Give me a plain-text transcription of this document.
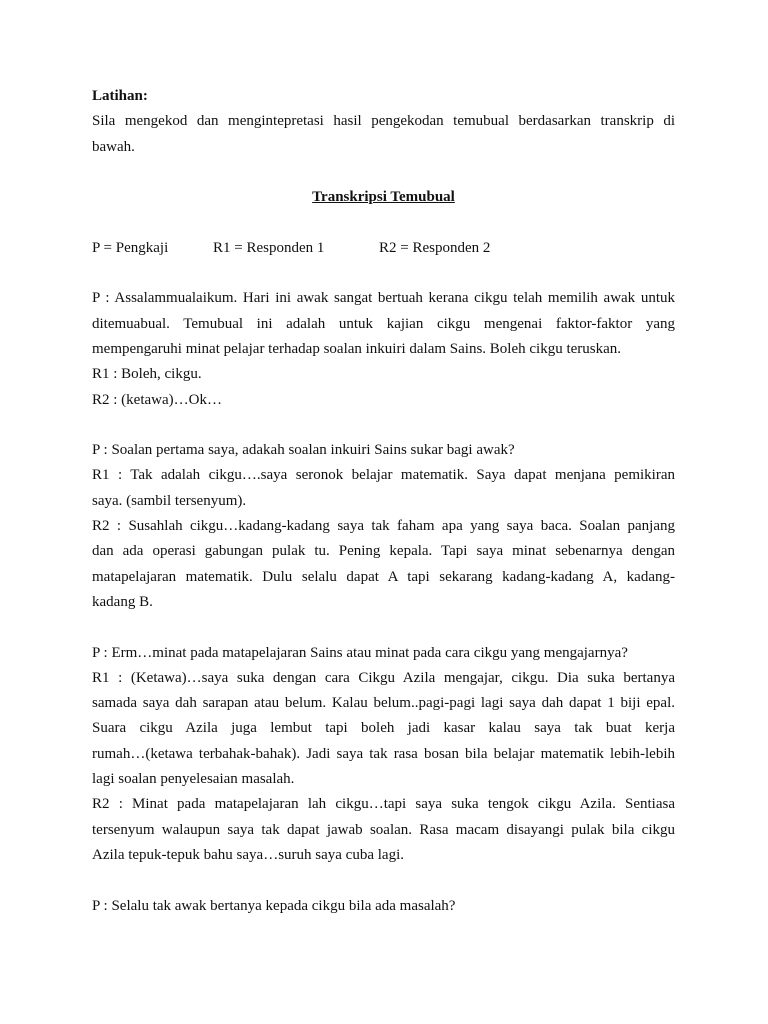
Latihan:
Sila mengekod dan mengintepretasi hasil pengekodan temubual berdasarkan transkrip di
bawah.
Transkripsi Temubual
P = Pengkaji	R1 = Responden 1	R2 = Responden 2
P : Assalammualaikum. Hari ini awak sangat bertuah kerana cikgu telah memilih awak untuk
ditemuabual. Temubual ini adalah untuk kajian cikgu mengenai faktor-faktor yang
mempengaruhi minat pelajar terhadap soalan inkuiri dalam Sains. Boleh cikgu teruskan.
R1 : Boleh, cikgu.
R2 : (ketawa)…Ok…
P : Soalan pertama saya, adakah soalan inkuiri Sains sukar bagi awak?
R1 : Tak adalah cikgu….saya seronok belajar matematik. Saya dapat menjana pemikiran
saya. (sambil tersenyum).
R2 : Susahlah cikgu…kadang-kadang saya tak faham apa yang saya baca. Soalan panjang
dan ada operasi gabungan pulak tu. Pening kepala. Tapi saya minat sebenarnya dengan
matapelajaran matematik. Dulu selalu dapat A tapi sekarang kadang-kadang A, kadang-
kadang B.
P : Erm…minat pada matapelajaran Sains atau minat pada cara cikgu yang mengajarnya?
R1 : (Ketawa)…saya suka dengan cara Cikgu Azila mengajar, cikgu. Dia suka bertanya
samada saya dah sarapan atau belum. Kalau belum..pagi-pagi lagi saya dah dapat 1 biji epal.
Suara cikgu Azila juga lembut tapi boleh jadi kasar kalau saya tak buat kerja
rumah…(ketawa terbahak-bahak). Jadi saya tak rasa bosan bila belajar matematik lebih-lebih
lagi soalan penyelesaian masalah.
R2 : Minat pada matapelajaran lah cikgu…tapi saya suka tengok cikgu Azila. Sentiasa
tersenyum walaupun saya tak dapat jawab soalan. Rasa macam disayangi pulak bila cikgu
Azila tepuk-tepuk bahu saya…suruh saya cuba lagi.
P : Selalu tak awak bertanya kepada cikgu bila ada masalah?
